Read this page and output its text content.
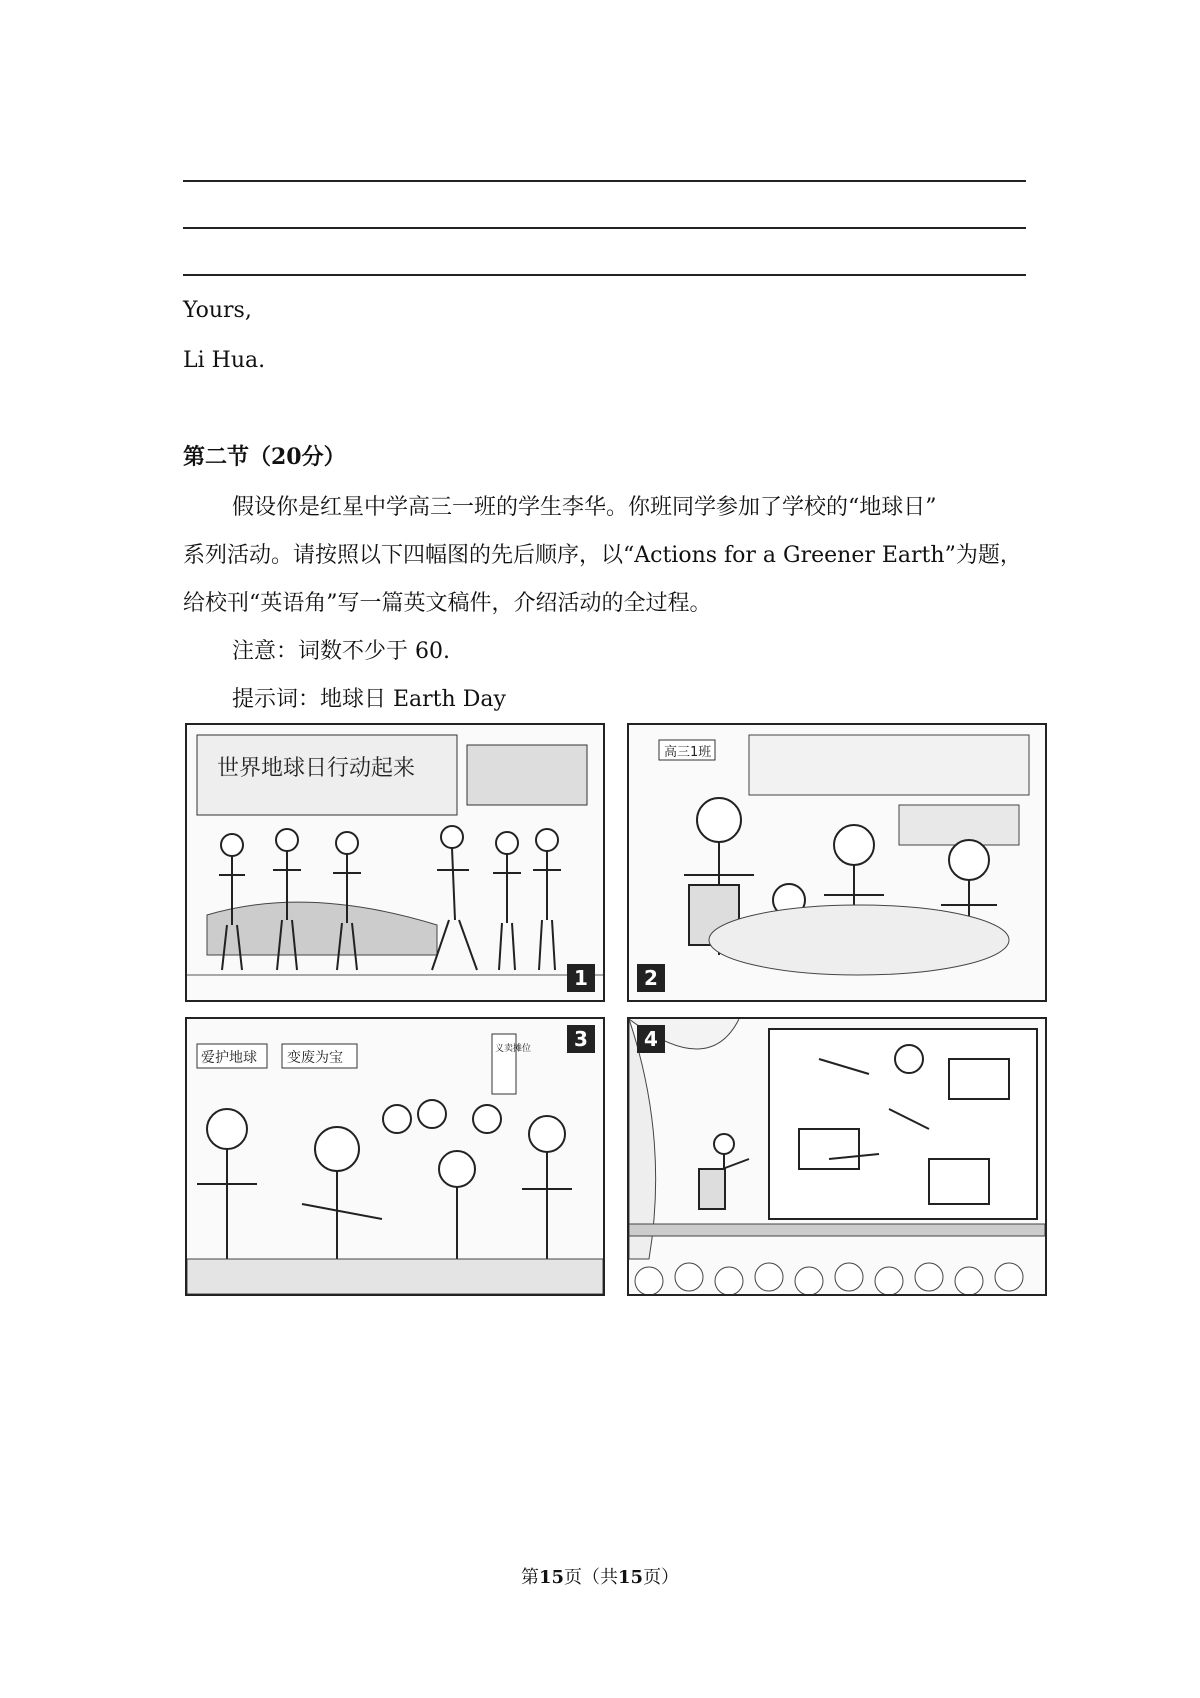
Yours,
Li Hua.
第二节（20分）
假设你是红星中学高三一班的学生李华。你班同学参加了学校的“地球日”
系列活动。请按照以下四幅图的先后顺序，以“Actions for a Greener Earth”为题，
给校刊“英语角”写一篇英文稿件，介绍活动的全过程。
注意：词数不少于 60.
提示词：地球日 Earth Day
世界地球日行动起来
1
高三1班
2
爱护地球 变废为宝
义卖摊位	3	4
第15页（共15页）
